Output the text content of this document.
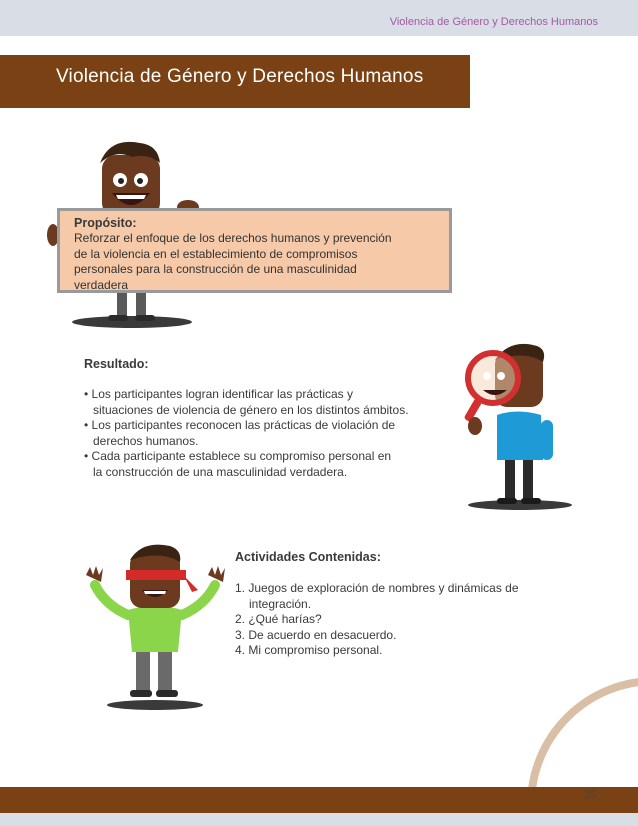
Violencia de Género y Derechos Humanos
Violencia de Género y Derechos Humanos
Propósito:
Reforzar el enfoque de los derechos humanos y prevención
de la violencia en el establecimiento de compromisos
personales para la construcción de una masculinidad
verdadera
Resultado:
• Los participantes logran identificar las prácticas y
situaciones de violencia de género en los distintos ámbitos.
• Los participantes reconocen las prácticas de violación de
derechos humanos.
• Cada participante establece su compromiso personal en
la construcción de una masculinidad verdadera.
Actividades Contenidas:
1. Juegos de exploración de nombres y dinámicas de
integración.
2. ¿Qué harías?
3. De acuerdo en desacuerdo.
4. Mi compromiso personal.
35
